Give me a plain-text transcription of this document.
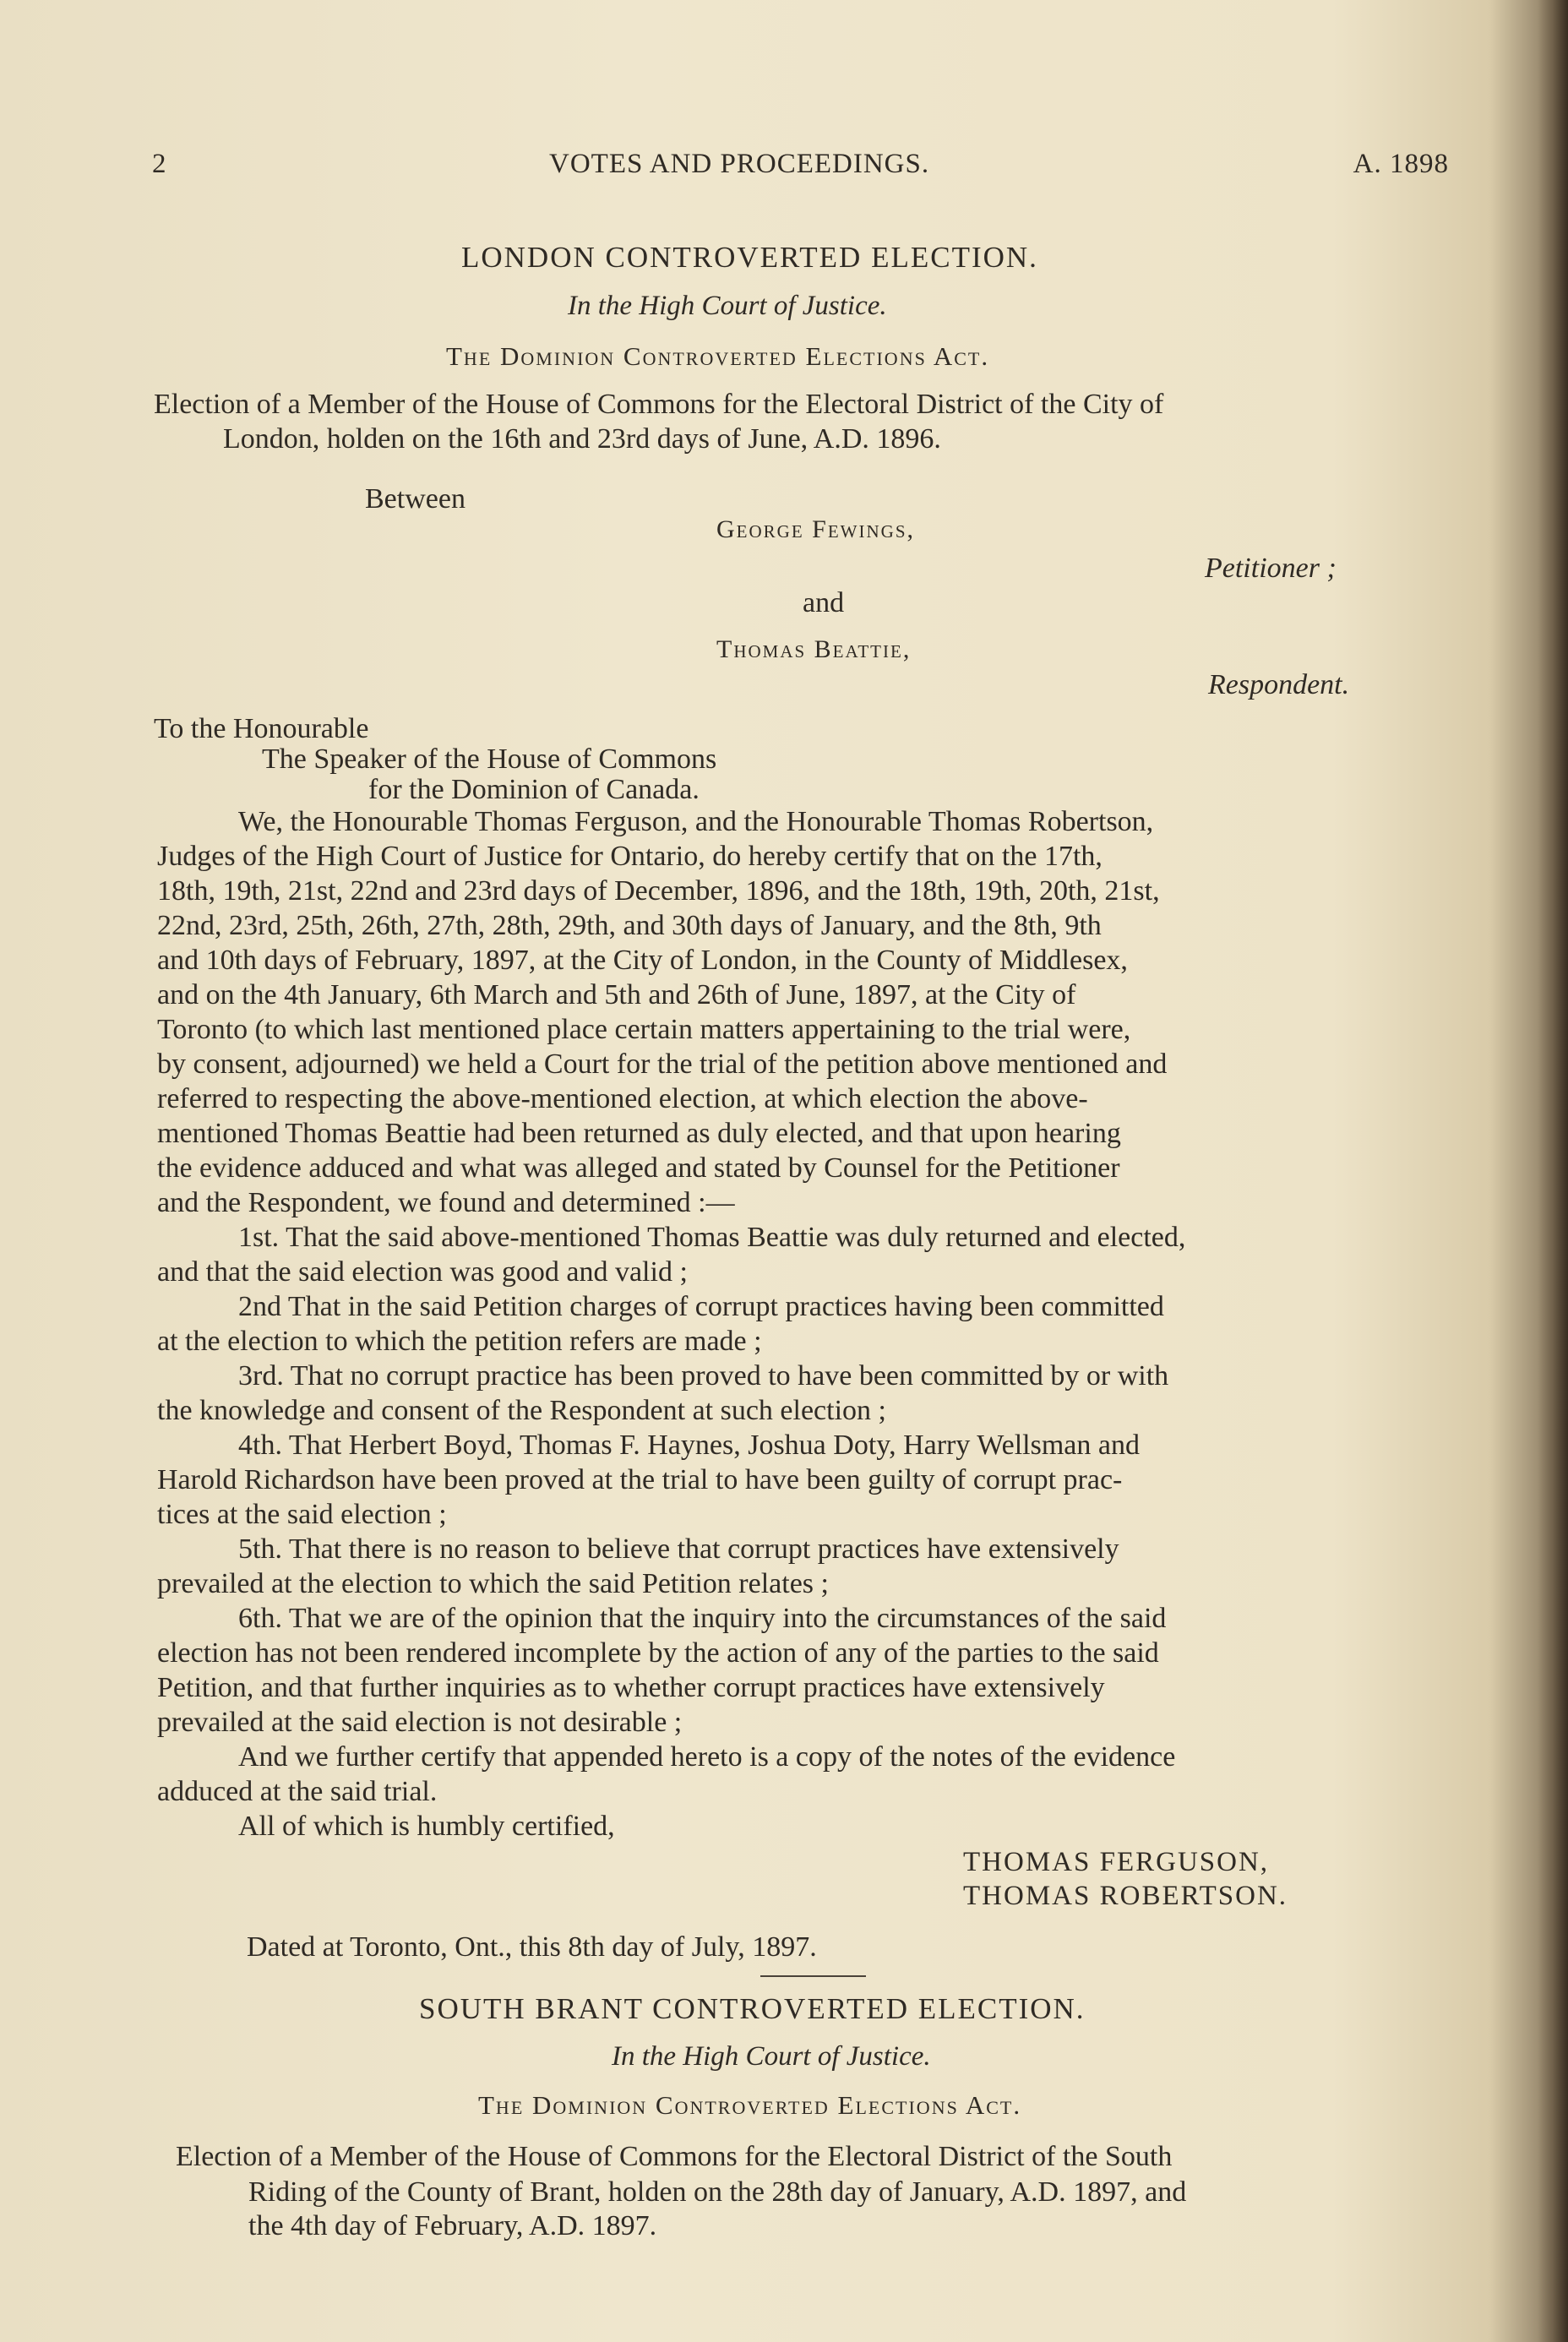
2	VOTES AND PROCEEDINGS.	A. 1898
LONDON CONTROVERTED ELECTION.
In the High Court of Justice.
The Dominion Controverted Elections Act.
Election of a Member of the House of Commons for the Electoral District of the City of
London, holden on the 16th and 23rd days of June, A.D. 1896.
Between
George Fewings,
Petitioner ;
and
Thomas Beattie,
Respondent.
To the Honourable
The Speaker of the House of Commons
for the Dominion of Canada.
We, the Honourable Thomas Ferguson, and the Honourable Thomas Robertson,
Judges of the High Court of Justice for Ontario, do hereby certify that on the 17th,
18th, 19th, 21st, 22nd and 23rd days of December, 1896, and the 18th, 19th, 20th, 21st,
22nd, 23rd, 25th, 26th, 27th, 28th, 29th, and 30th days of January, and the 8th, 9th
and 10th days of February, 1897, at the City of London, in the County of Middlesex,
and on the 4th January, 6th March and 5th and 26th of June, 1897, at the City of
Toronto (to which last mentioned place certain matters appertaining to the trial were,
by consent, adjourned) we held a Court for the trial of the petition above mentioned and
referred to respecting the above-mentioned election, at which election the above-
mentioned Thomas Beattie had been returned as duly elected, and that upon hearing
the evidence adduced and what was alleged and stated by Counsel for the Petitioner
and the Respondent, we found and determined :—
1st. That the said above-mentioned Thomas Beattie was duly returned and elected,
and that the said election was good and valid ;
2nd That in the said Petition charges of corrupt practices having been committed
at the election to which the petition refers are made ;
3rd. That no corrupt practice has been proved to have been committed by or with
the knowledge and consent of the Respondent at such election ;
4th. That Herbert Boyd, Thomas F. Haynes, Joshua Doty, Harry Wellsman and
Harold Richardson have been proved at the trial to have been guilty of corrupt prac-
tices at the said election ;
5th. That there is no reason to believe that corrupt practices have extensively
prevailed at the election to which the said Petition relates ;
6th. That we are of the opinion that the inquiry into the circumstances of the said
election has not been rendered incomplete by the action of any of the parties to the said
Petition, and that further inquiries as to whether corrupt practices have extensively
prevailed at the said election is not desirable ;
And we further certify that appended hereto is a copy of the notes of the evidence
adduced at the said trial.
All of which is humbly certified,
THOMAS FERGUSON,
THOMAS ROBERTSON.
Dated at Toronto, Ont., this 8th day of July, 1897.
SOUTH BRANT CONTROVERTED ELECTION.
In the High Court of Justice.
The Dominion Controverted Elections Act.
Election of a Member of the House of Commons for the Electoral District of the South
Riding of the County of Brant, holden on the 28th day of January, A.D. 1897, and
the 4th day of February, A.D. 1897.
